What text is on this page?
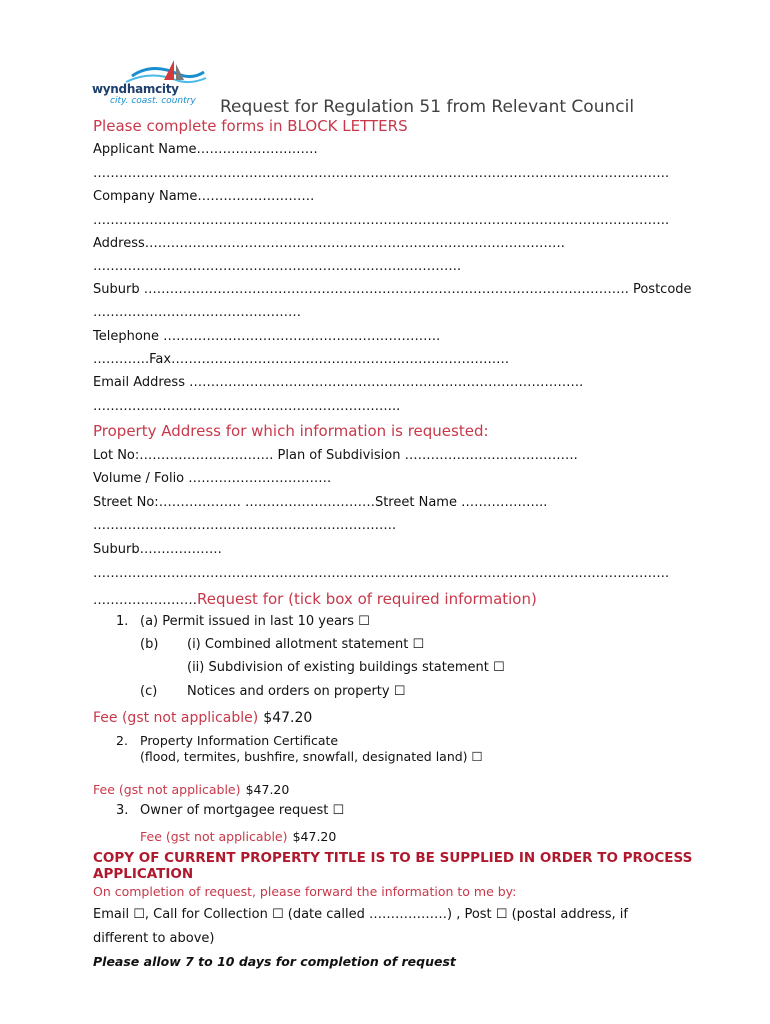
wyndhamcity
city. coast. country Request for Regulation 51 from Relevant Council
Please complete forms in BLOCK LETTERS
Applicant Name……………………….
…………………………………………………………………………………………………………………….
Company Name………………………
…………………………………………………………………………………………………………………….
Address…………………………………………………………………………………….
………………………………………………………………………….
Suburb …………………………………………………………………………………………………. Postcode
…………………………………………
Telephone ……………………………………………………….
………….Fax……………………………………………………………………
Email Address ……………………………………………………………………………….
……………………………………………………………..
Property Address for which information is requested:
Lot No:…………………………. Plan of Subdivision ………………………………….
Volume / Folio ……………………………
Street No:………………. …………………………Street Name ………………..
…………………………………………………………….
Suburb……………….
…………………………………………………………………………………………………………………….
……………………Request for (tick box of required information)
1. (a) Permit issued in last 10 years ☐
(b) (i) Combined allotment statement ☐
(ii) Subdivision of existing buildings statement ☐
(c) Notices and orders on property ☐
Fee (gst not applicable) $47.20
2. Property Information Certificate
(flood, termites, bushfire, snowfall, designated land) ☐
Fee (gst not applicable) $47.20
3. Owner of mortgagee request ☐
Fee (gst not applicable) $47.20
COPY OF CURRENT PROPERTY TITLE IS TO BE SUPPLIED IN ORDER TO PROCESS APPLICATION
On completion of request, please forward the information to me by:
Email ☐, Call for Collection ☐ (date called ………………) , Post ☐ (postal address, if
different to above)
Please allow 7 to 10 days for completion of request
